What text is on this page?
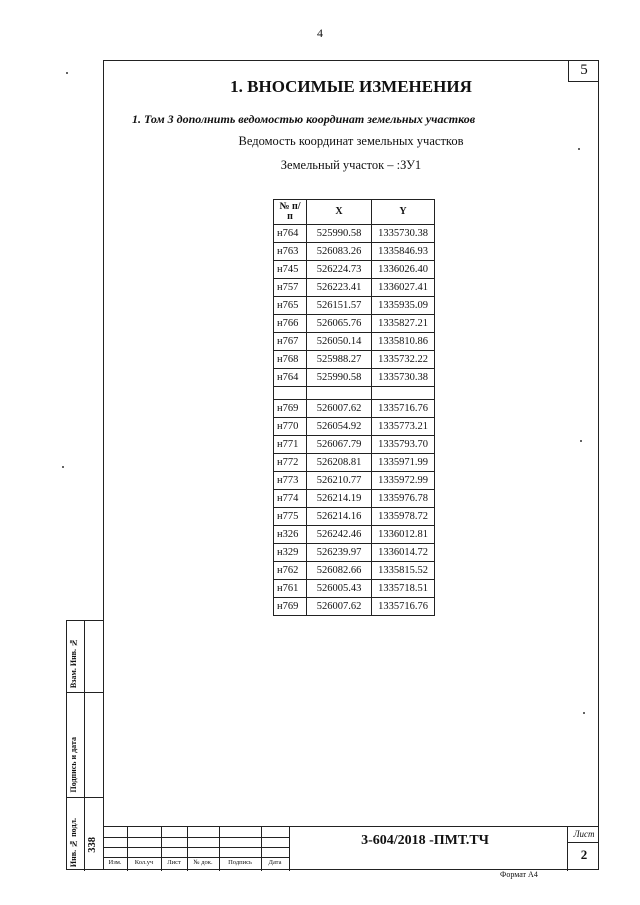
4
5
1. ВНОСИМЫЕ ИЗМЕНЕНИЯ
1. Том 3 дополнить ведомостью координат земельных участков
Ведомость координат земельных участков
Земельный участок – :ЗУ1
№ п/п	X	Y
н764	525990.58	1335730.38
н763	526083.26	1335846.93
н745	526224.73	1336026.40
н757	526223.41	1336027.41
н765	526151.57	1335935.09
н766	526065.76	1335827.21
н767	526050.14	1335810.86
н768	525988.27	1335732.22
н764	525990.58	1335730.38

н769	526007.62	1335716.76
н770	526054.92	1335773.21
н771	526067.79	1335793.70
н772	526208.81	1335971.99
н773	526210.77	1335972.99
н774	526214.19	1335976.78
н775	526214.16	1335978.72
н326	526242.46	1336012.81
н329	526239.97	1336014.72
н762	526082.66	1335815.52
н761	526005.43	1335718.51
н769	526007.62	1335716.76
Взам. Инв. №
Подпись и дата
Инв. № подл. 338
Изм.	Кол.уч	Лист	№ док.	Подпись	Дата
3-604/2018 -ПМТ.ТЧ	Лист
2
Формат А4
